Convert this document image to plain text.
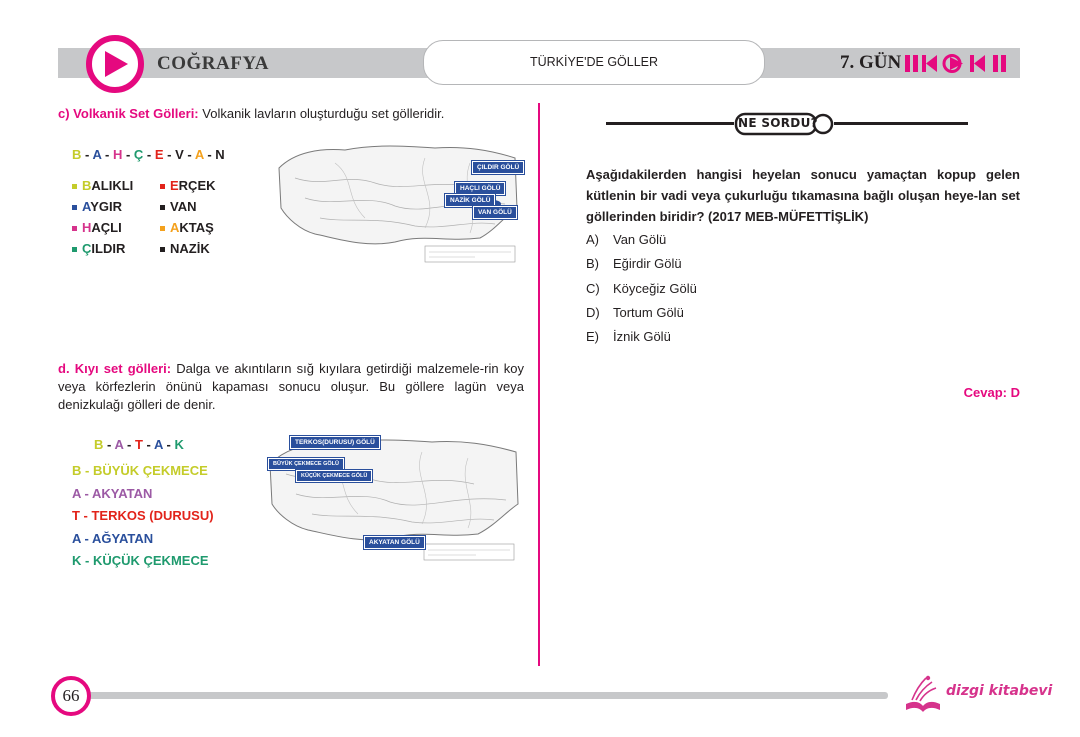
COĞRAFYA	TÜRKİYE'DE GÖLLER	7. GÜN
c) Volkanik Set Gölleri: Volkanik lavların oluşturduğu set gölleridir.
B - A - H - Ç - E - V - A - N
BALIKLI
AYGIR
HAÇLI
ÇILDIR
ERÇEK
VAN
AKTAŞ
NAZİK
ÇILDIR GÖLÜ
HAÇLI GÖLÜ
NAZİK GÖLÜ
VAN GÖLÜ
d. Kıyı set gölleri: Dalga ve akıntıların sığ kıyılara getirdiği malzemele-rin koy veya körfezlerin önünü kapaması sonucu oluşur. Bu göllere lagün veya denizkulağı gölleri de denir.
B - A - T - A - K
B - BÜYÜK ÇEKMECE
A - AKYATAN
T - TERKOS (DURUSU)
A - AĞYATAN
K - KÜÇÜK ÇEKMECE
TERKOS(DURUSU) GÖLÜ
BÜYÜK ÇEKMECE GÖLÜ
KÜÇÜK ÇEKMECE GÖLÜ
AKYATAN GÖLÜ
NE SORDU?
Aşağıdakilerden hangisi heyelan sonucu yamaçtan kopup gelen kütlenin bir vadi veya çukurluğu tıkamasına bağlı oluşan heye-lan set göllerinden biridir? (2017 MEB-MÜFETTİŞLİK)
A) Van Gölü
B) Eğirdir Gölü
C) Köyceğiz Gölü
D) Tortum Gölü
E) İznik Gölü
Cevap: D
66	dizgi kitabevi
